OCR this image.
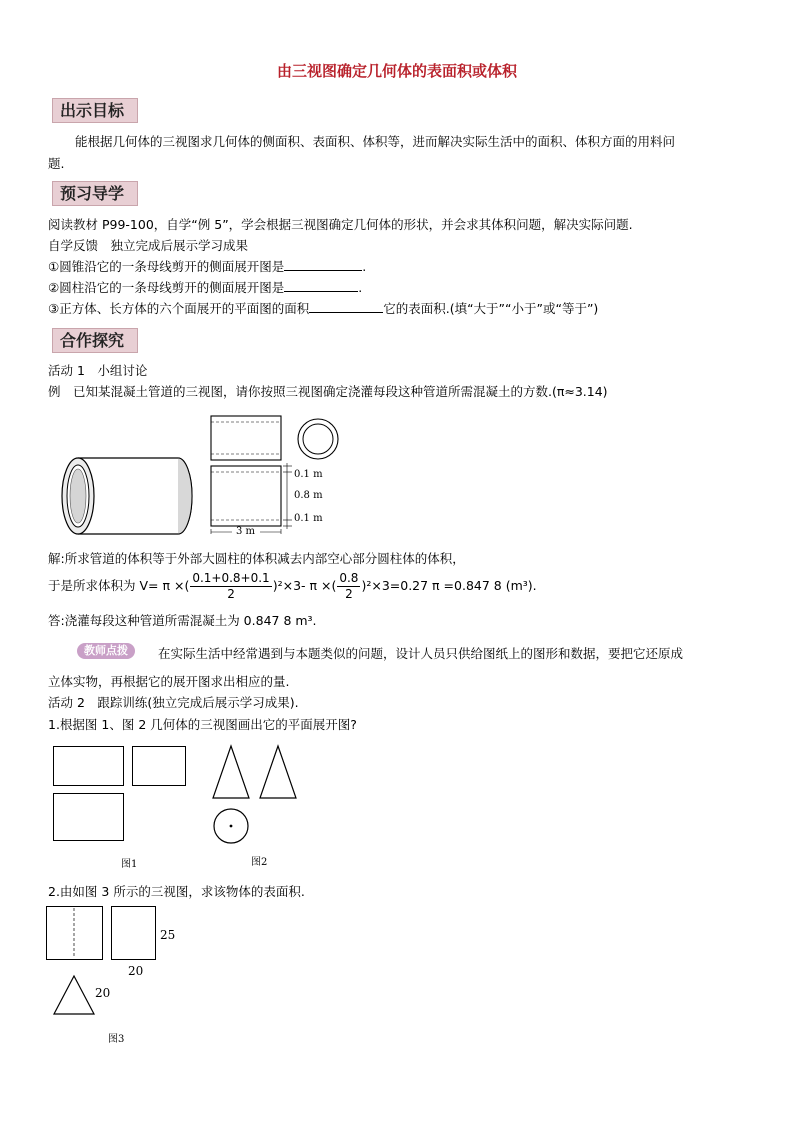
由三视图确定几何体的表面积或体积
出示目标
能根据几何体的三视图求几何体的侧面积、表面积、体积等，进而解决实际生活中的面积、体积方面的用料问
题.
预习导学
阅读教材 P99-100，自学“例 5”，学会根据三视图确定几何体的形状，并会求其体积问题，解决实际问题.
自学反馈　独立完成后展示学习成果
①圆锥沿它的一条母线剪开的侧面展开图是	.
②圆柱沿它的一条母线剪开的侧面展开图是	.
③正方体、长方体的六个面展开的平面图的面积	它的表面积.(填“大于”“小于”或“等于”)
合作探究
活动 1　小组讨论
例　已知某混凝土管道的三视图，请你按照三视图确定浇灌每段这种管道所需混凝土的方数.(π≈3.14)
0.1 m
0.8 m
0.1 m
3 m
解:所求管道的体积等于外部大圆柱的体积减去内部空心部分圆柱体的体积，
于是所求体积为 V= π ×( $\frac{0.1+0.8+0.1}{2} )^2\times 3-$ π ×( $\frac{0.8}{2} )^2\times 3=0.27$ π =0.847 8 (m³).
答:浇灌每段这种管道所需混凝土为 0.847 8 m³.
教师点拨	在实际生活中经常遇到与本题类似的问题，设计人员只供给图纸上的图形和数据，要把它还原成
立体实物，再根据它的展开图求出相应的量.
活动 2　跟踪训练(独立完成后展示学习成果).
1.根据图 1、图 2 几何体的三视图画出它的平面展开图?
图1	图2
2.由如图 3 所示的三视图，求该物体的表面积.
25
20
20
图3
